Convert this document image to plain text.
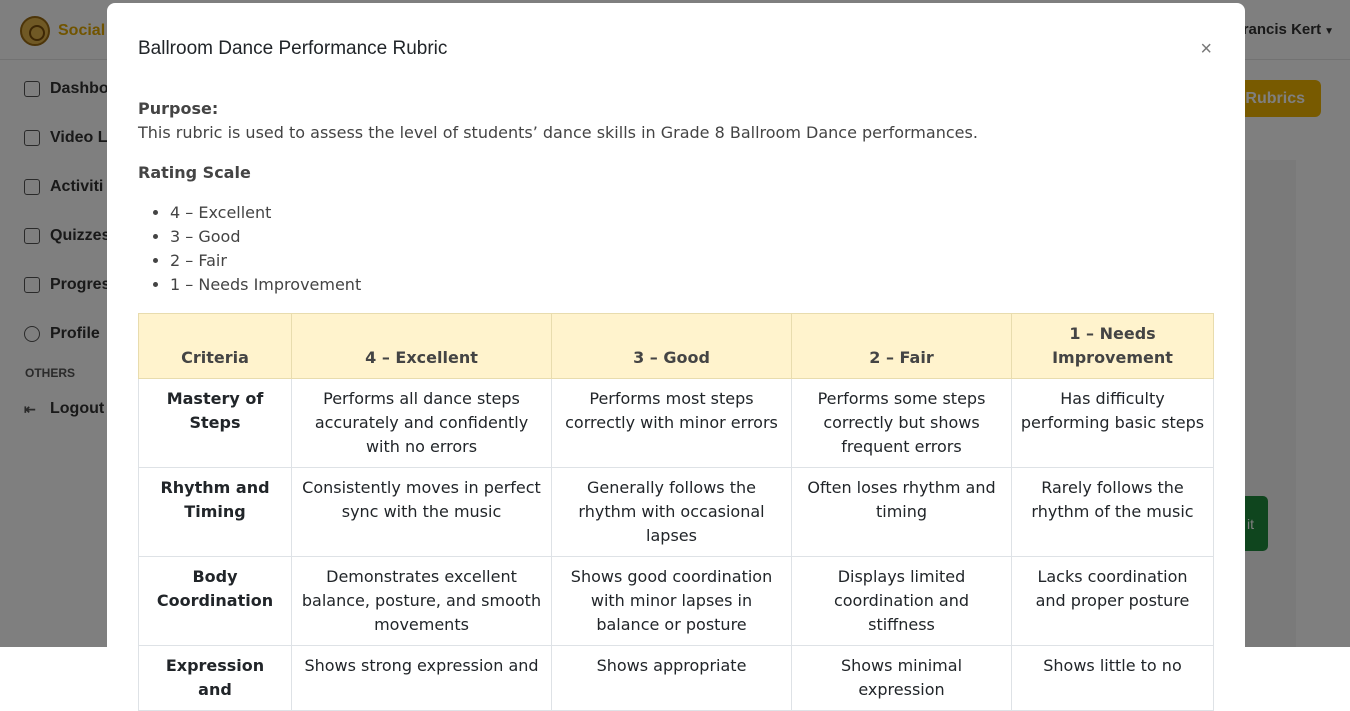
Ballroom Dance Performance Rubric	×
Purpose:
This rubric is used to assess the level of students’ dance skills in Grade 8 Ballroom Dance performances.
Rating Scale
• 4 – Excellent
• 3 – Good
• 2 – Fair
• 1 – Needs Improvement
Criteria	4 – Excellent	3 – Good	2 – Fair	1 – Needs Improvement
Mastery of Steps	Performs all dance steps accurately and confidently with no errors	Performs most steps correctly with minor errors	Performs some steps correctly but shows frequent errors	Has difficulty performing basic steps
Rhythm and Timing	Consistently moves in perfect sync with the music	Generally follows the rhythm with occasional lapses	Often loses rhythm and timing	Rarely follows the rhythm of the music
Body Coordination	Demonstrates excellent balance, posture, and smooth movements	Shows good coordination with minor lapses in balance or posture	Displays limited coordination and stiffness	Lacks coordination and proper posture
Expression and	Shows strong expression and	Shows appropriate	Shows minimal expression	Shows little to no
